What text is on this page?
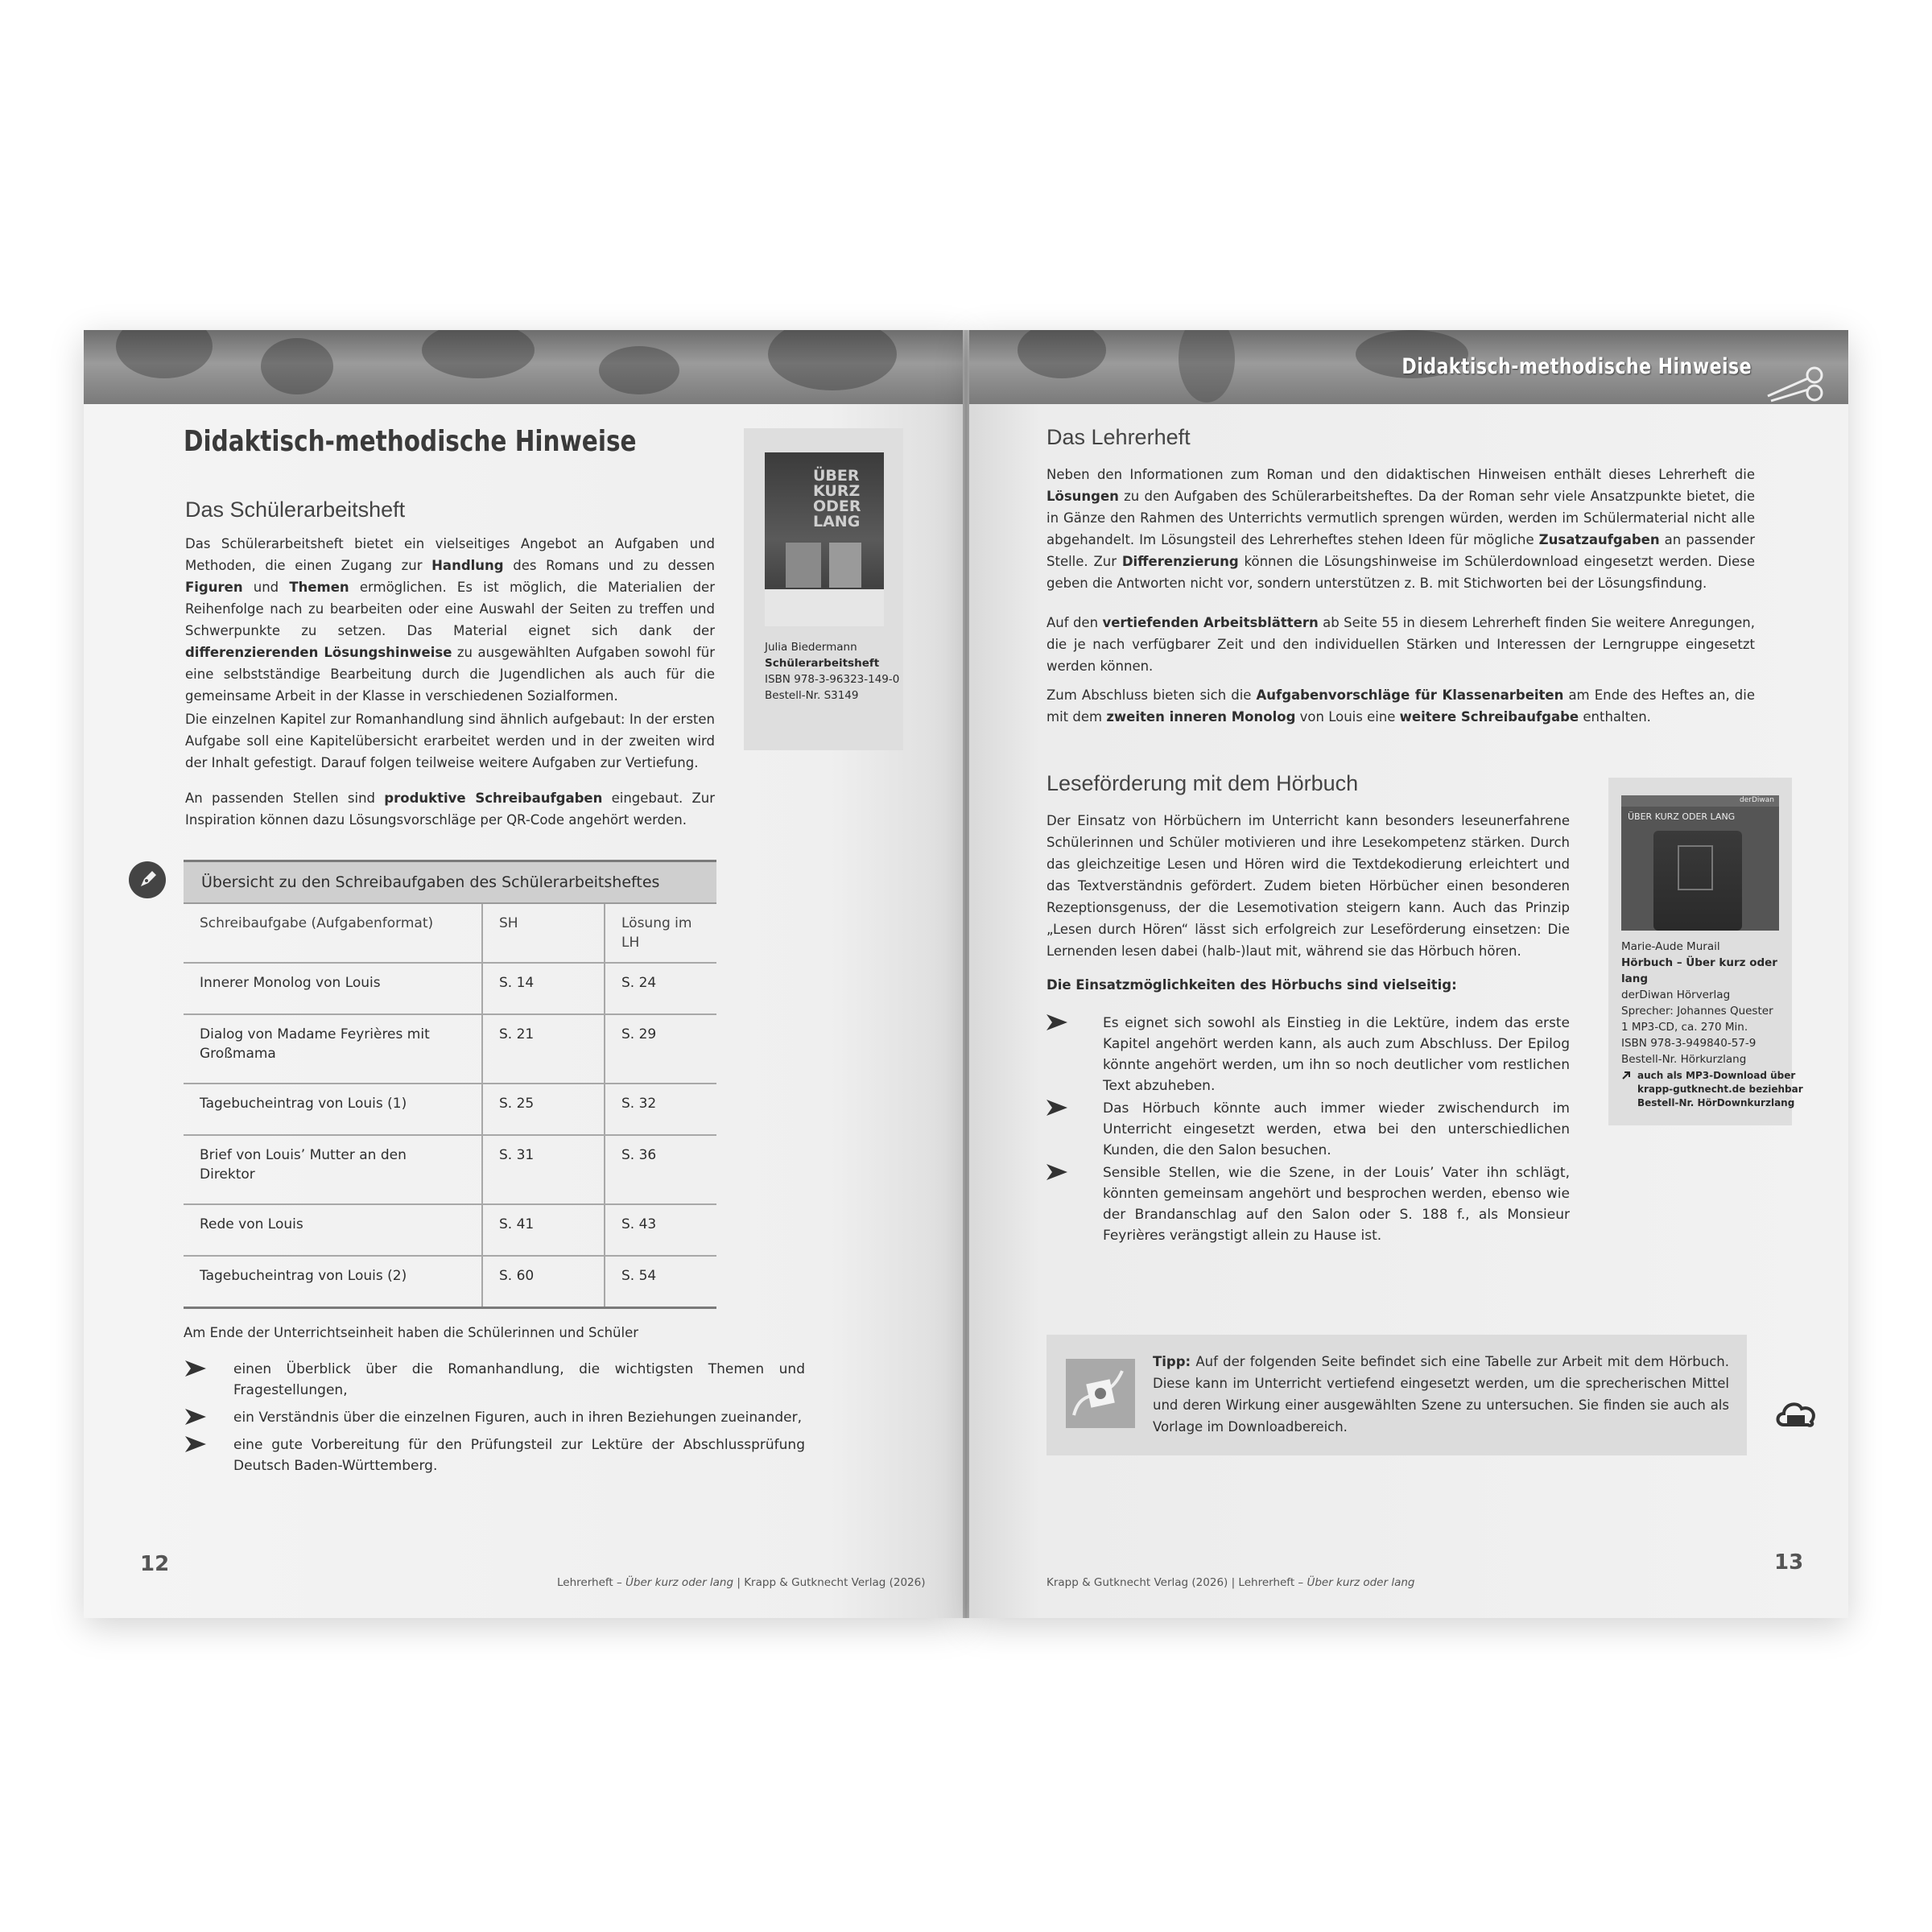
Didaktisch-methodische Hinweise
Das Schülerarbeitsheft
Das Schülerarbeitsheft bietet ein vielseitiges Angebot an Aufgaben und Methoden, die einen Zugang zur Handlung des Romans und zu dessen Figuren und Themen ermöglichen. Es ist möglich, die Materialien der Reihenfolge nach zu bearbeiten oder eine Auswahl der Seiten zu treffen und Schwerpunkte zu setzen. Das Material eignet sich dank der differenzierenden Lösungshinweise zu ausgewählten Aufgaben sowohl für eine selbstständige Bearbeitung durch die Jugendlichen als auch für die gemeinsame Arbeit in der Klasse in verschiedenen Sozialformen.
Die einzelnen Kapitel zur Romanhandlung sind ähnlich aufgebaut: In der ersten Aufgabe soll eine Kapitelübersicht erarbeitet werden und in der zweiten wird der Inhalt gefestigt. Darauf folgen teilweise weitere Aufgaben zur Vertiefung.
An passenden Stellen sind produktive Schreibaufgaben eingebaut. Zur Inspiration können dazu Lösungsvorschläge per QR-Code angehört werden.
ÜBER KURZ ODER LANG
Julia Biedermann
Schülerarbeitsheft
ISBN 978-3-96323-149-0
Bestell-Nr. S3149
Übersicht zu den Schreibaufgaben des Schülerarbeitsheftes		
Schreibaufgabe (Aufgabenformat)	SH	Lösung im LH
Innerer Monolog von Louis	S. 14	S. 24
Dialog von Madame Feyrières mit Großmama	S. 21	S. 29
Tagebucheintrag von Louis (1)	S. 25	S. 32
Brief von Louis’ Mutter an den Direktor	S. 31	S. 36
Rede von Louis	S. 41	S. 43
Tagebucheintrag von Louis (2)	S. 60	S. 54
Am Ende der Unterrichtseinheit haben die Schülerinnen und Schüler
einen Überblick über die Romanhandlung, die wichtigsten Themen und Fragestellungen,
ein Verständnis über die einzelnen Figuren, auch in ihren Beziehungen zueinander,
eine gute Vorbereitung für den Prüfungsteil zur Lektüre der Abschlussprüfung Deutsch Baden-Württemberg.
12
Lehrerheft – Über kurz oder lang | Krapp & Gutknecht Verlag (2026)
Didaktisch-methodische Hinweise
Das Lehrerheft
Neben den Informationen zum Roman und den didaktischen Hinweisen enthält dieses Lehrerheft die Lösungen zu den Aufgaben des Schülerarbeitsheftes. Da der Roman sehr viele Ansatzpunkte bietet, die in Gänze den Rahmen des Unterrichts vermutlich sprengen würden, werden im Schülermaterial nicht alle abgehandelt. Im Lösungsteil des Lehrerheftes stehen Ideen für mögliche Zusatzaufgaben an passender Stelle. Zur Differenzierung können die Lösungshinweise im Schülerdownload eingesetzt werden. Diese geben die Antworten nicht vor, sondern unterstützen z. B. mit Stichworten bei der Lösungsfindung.
Auf den vertiefenden Arbeitsblättern ab Seite 55 in diesem Lehrerheft finden Sie weitere Anregungen, die je nach verfügbarer Zeit und den individuellen Stärken und Interessen der Lerngruppe eingesetzt werden können.
Zum Abschluss bieten sich die Aufgabenvorschläge für Klassenarbeiten am Ende des Heftes an, die mit dem zweiten inneren Monolog von Louis eine weitere Schreibaufgabe enthalten.
Leseförderung mit dem Hörbuch
Der Einsatz von Hörbüchern im Unterricht kann besonders leseunerfahrene Schülerinnen und Schüler motivieren und ihre Lesekompetenz stärken. Durch das gleichzeitige Lesen und Hören wird die Textdekodierung erleichtert und das Textverständnis gefördert. Zudem bieten Hörbücher einen besonderen Rezeptionsgenuss, der die Lesemotivation steigern kann. Auch das Prinzip „Lesen durch Hören“ lässt sich erfolgreich zur Leseförderung einsetzen: Die Lernenden lesen dabei (halb-)laut mit, während sie das Hörbuch hören.
Die Einsatzmöglichkeiten des Hörbuchs sind vielseitig:
Es eignet sich sowohl als Einstieg in die Lektüre, indem das erste Kapitel angehört werden kann, als auch zum Abschluss. Der Epilog könnte angehört werden, um ihn so noch deutlicher vom restlichen Text abzuheben.
Das Hörbuch könnte auch immer wieder zwischendurch im Unterricht eingesetzt werden, etwa bei den unterschiedlichen Kunden, die den Salon besuchen.
Sensible Stellen, wie die Szene, in der Louis’ Vater ihn schlägt, könnten gemeinsam angehört und besprochen werden, ebenso wie der Brandanschlag auf den Salon oder S. 188 f., als Monsieur Feyrières verängstigt allein zu Hause ist.
derDiwan
ÜBER KURZ ODER LANG
Marie-Aude Murail
Hörbuch – Über kurz oder lang
derDiwan Hörverlag
Sprecher: Johannes Quester
1 MP3-CD, ca. 270 Min.
ISBN 978-3-949840-57-9
Bestell-Nr. Hörkurzlang
auch als MP3-Download über krapp-gutknecht.de beziehbar Bestell-Nr. HörDownkurzlang
Tipp: Auf der folgenden Seite befindet sich eine Tabelle zur Arbeit mit dem Hörbuch. Diese kann im Unterricht vertiefend eingesetzt werden, um die sprecherischen Mittel und deren Wirkung einer ausgewählten Szene zu untersuchen. Sie finden sie auch als Vorlage im Downloadbereich.
13
Krapp & Gutknecht Verlag (2026) | Lehrerheft – Über kurz oder lang
